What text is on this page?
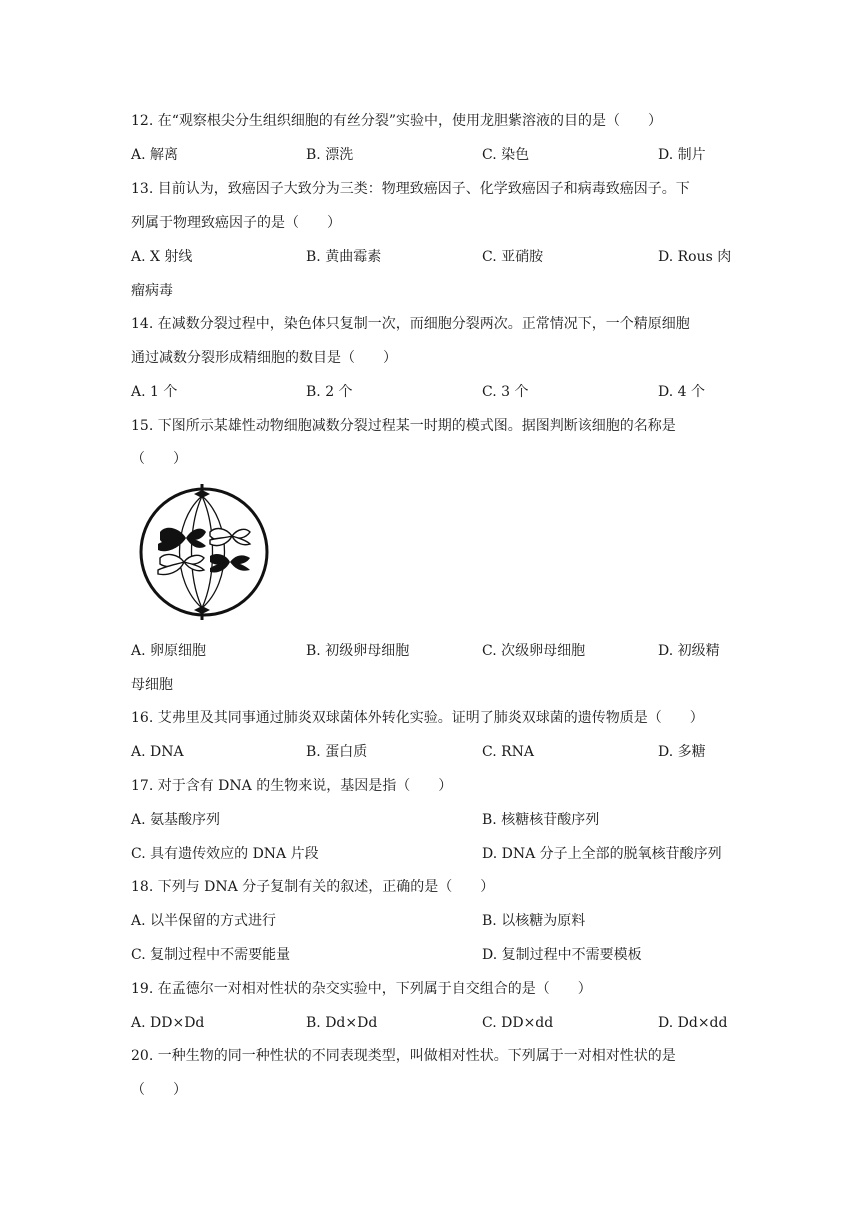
12. 在“观察根尖分生组织细胞的有丝分裂”实验中，使用龙胆紫溶液的目的是（　　）
A. 解离	B. 漂洗	C. 染色	D. 制片
13. 目前认为，致癌因子大致分为三类：物理致癌因子、化学致癌因子和病毒致癌因子。下
列属于物理致癌因子的是（　　）
A. X 射线	B. 黄曲霉素	C. 亚硝胺	D. Rous 肉
瘤病毒
14. 在减数分裂过程中，染色体只复制一次，而细胞分裂两次。正常情况下，一个精原细胞
通过减数分裂形成精细胞的数目是（　　）
A. 1 个	B. 2 个	C. 3 个	D. 4 个
15. 下图所示某雄性动物细胞减数分裂过程某一时期的模式图。据图判断该细胞的名称是
（　　）
A. 卵原细胞	B. 初级卵母细胞	C. 次级卵母细胞	D. 初级精
母细胞
16. 艾弗里及其同事通过肺炎双球菌体外转化实验。证明了肺炎双球菌的遗传物质是（　　）
A. DNA	B. 蛋白质	C. RNA	D. 多糖
17. 对于含有 DNA 的生物来说，基因是指（　　）
A. 氨基酸序列	B. 核糖核苷酸序列
C. 具有遗传效应的 DNA 片段	D. DNA 分子上全部的脱氧核苷酸序列
18. 下列与 DNA 分子复制有关的叙述，正确的是（　　）
A. 以半保留的方式进行	B. 以核糖为原料
C. 复制过程中不需要能量	D. 复制过程中不需要模板
19. 在孟德尔一对相对性状的杂交实验中，下列属于自交组合的是（　　）
A. DD×Dd	B. Dd×Dd	C. DD×dd	D. Dd×dd
20. 一种生物的同一种性状的不同表现类型，叫做相对性状。下列属于一对相对性状的是
（　　）
